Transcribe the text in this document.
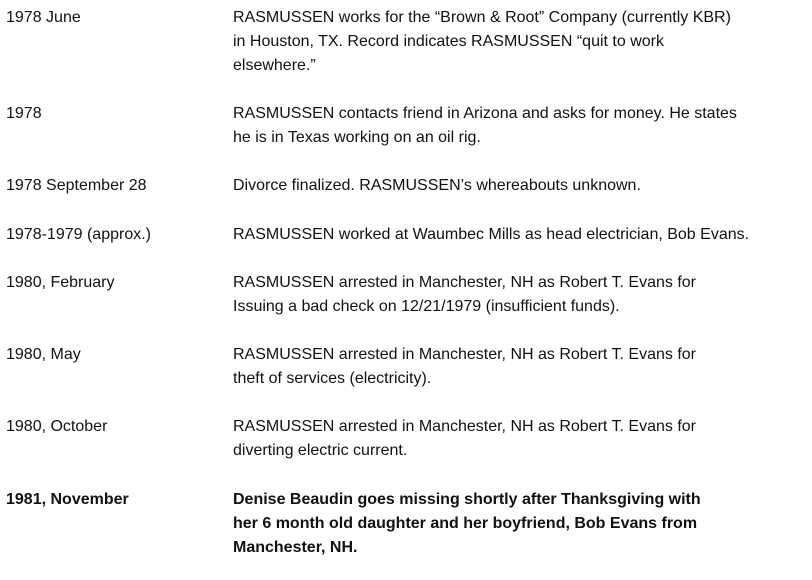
1978 June	RASMUSSEN works for the “Brown & Root” Company (currently KBR)
in Houston, TX. Record indicates RASMUSSEN “quit to work
elsewhere.”
1978	RASMUSSEN contacts friend in Arizona and asks for money. He states
he is in Texas working on an oil rig.
1978 September 28	Divorce finalized. RASMUSSEN’s whereabouts unknown.
1978-1979 (approx.)	RASMUSSEN worked at Waumbec Mills as head electrician, Bob Evans.
1980, February	RASMUSSEN arrested in Manchester, NH as Robert T. Evans for
Issuing a bad check on 12/21/1979 (insufficient funds).
1980, May	RASMUSSEN arrested in Manchester, NH as Robert T. Evans for
theft of services (electricity).
1980, October	RASMUSSEN arrested in Manchester, NH as Robert T. Evans for
diverting electric current.
1981, November	Denise Beaudin goes missing shortly after Thanksgiving with
her 6 month old daughter and her boyfriend, Bob Evans from
Manchester, NH.
